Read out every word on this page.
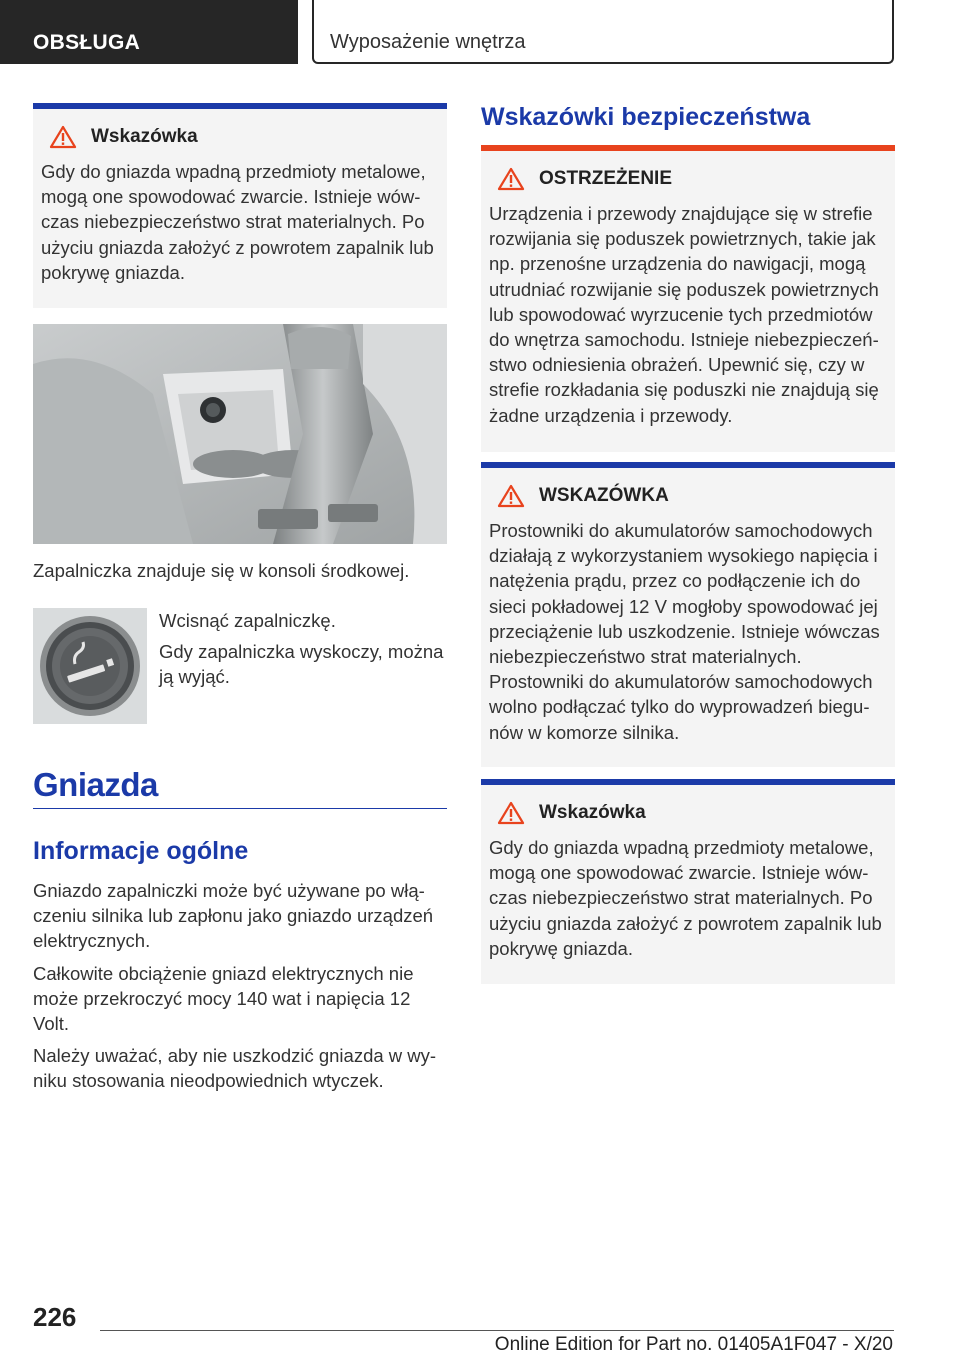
OBSŁUGA	Wyposażenie wnętrza
Wskazówka
Gdy do gniazda wpadną przedmioty metalowe, mogą one spowodować zwarcie. Istnieje wówczas niebezpieczeństwo strat materialnych. Po użyciu gniazda założyć z powrotem zapalnik lub pokrywę gniazda.

Zapalniczka znajduje się w konsoli środkowej.

Wcisnąć zapalniczkę.

Gdy zapalniczka wyskoczy, można ją wyjąć.

Gniazda
Informacje ogólne

Gniazdo zapalniczki może być używane po włączeniu silnika lub zapłonu jako gniazdo urządzeń elektrycznych.

Całkowite obciążenie gniazd elektrycznych nie może przekroczyć mocy 140 wat i napięcia 12 Volt.

Należy uważać, aby nie uszkodzić gniazda w wyniku stosowania nieodpowiednich wtyczek.

Wskazówki bezpieczeństwa
OSTRZEŻENIE
Urządzenia i przewody znajdujące się w strefie rozwijania się poduszek powietrznych, takie jak np. przenośne urządzenia do nawigacji, mogą utrudniać rozwijanie się poduszek powietrznych lub spowodować wyrzucenie tych przedmiotów do wnętrza samochodu. Istnieje niebezpieczeństwo odniesienia obrażeń. Upewnić się, czy w strefie rozkładania się poduszki nie znajdują się żadne urządzenia i przewody.
WSKAZÓWKA
Prostowniki do akumulatorów samochodowych działają z wykorzystaniem wysokiego napięcia i natężenia prądu, przez co podłączenie ich do sieci pokładowej 12 V mogłoby spowodować jej przeciążenie lub uszkodzenie. Istnieje wówczas niebezpieczeństwo strat materialnych. Prostowniki do akumulatorów samochodowych wolno podłączać tylko do wyprowadzeń biegunów w komorze silnika.
Wskazówka
Gdy do gniazda wpadną przedmioty metalowe, mogą one spowodować zwarcie. Istnieje wówczas niebezpieczeństwo strat materialnych. Po użyciu gniazda założyć z powrotem zapalnik lub pokrywę gniazda.
226
Online Edition for Part no. 01405A1F047 - X/20
